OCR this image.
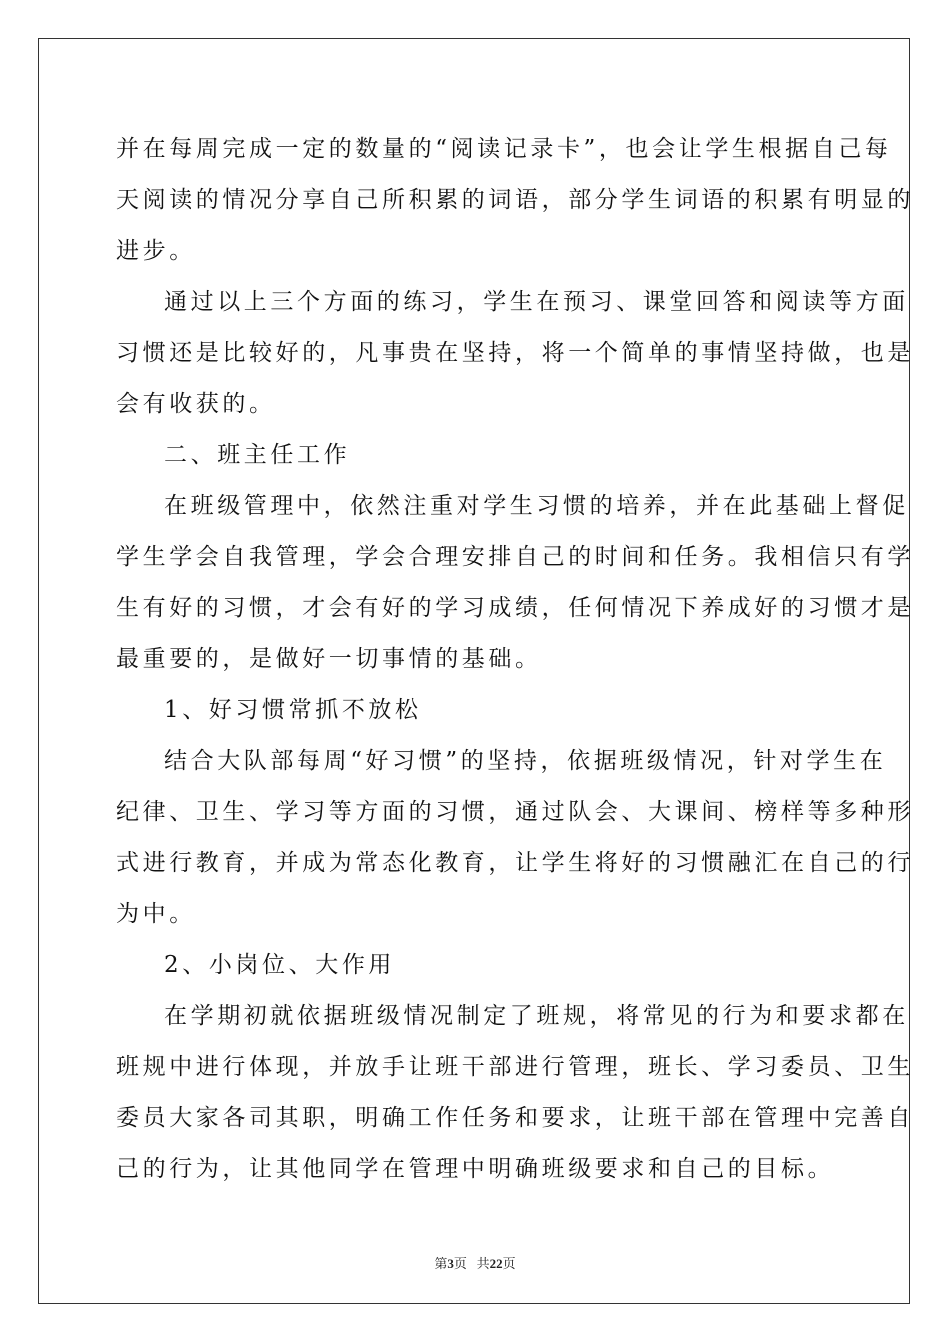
并在每周完成一定的数量的“阅读记录卡”，也会让学生根据自己每
天阅读的情况分享自己所积累的词语，部分学生词语的积累有明显的
进步。
通过以上三个方面的练习，学生在预习、课堂回答和阅读等方面
习惯还是比较好的，凡事贵在坚持，将一个简单的事情坚持做，也是
会有收获的。
二、班主任工作
在班级管理中，依然注重对学生习惯的培养，并在此基础上督促
学生学会自我管理，学会合理安排自己的时间和任务。我相信只有学
生有好的习惯，才会有好的学习成绩，任何情况下养成好的习惯才是
最重要的，是做好一切事情的基础。
1、好习惯常抓不放松
结合大队部每周“好习惯”的坚持，依据班级情况，针对学生在
纪律、卫生、学习等方面的习惯，通过队会、大课间、榜样等多种形
式进行教育，并成为常态化教育，让学生将好的习惯融汇在自己的行
为中。
2、小岗位、大作用
在学期初就依据班级情况制定了班规，将常见的行为和要求都在
班规中进行体现，并放手让班干部进行管理，班长、学习委员、卫生
委员大家各司其职，明确工作任务和要求，让班干部在管理中完善自
己的行为，让其他同学在管理中明确班级要求和自己的目标。
第3页 共22页
